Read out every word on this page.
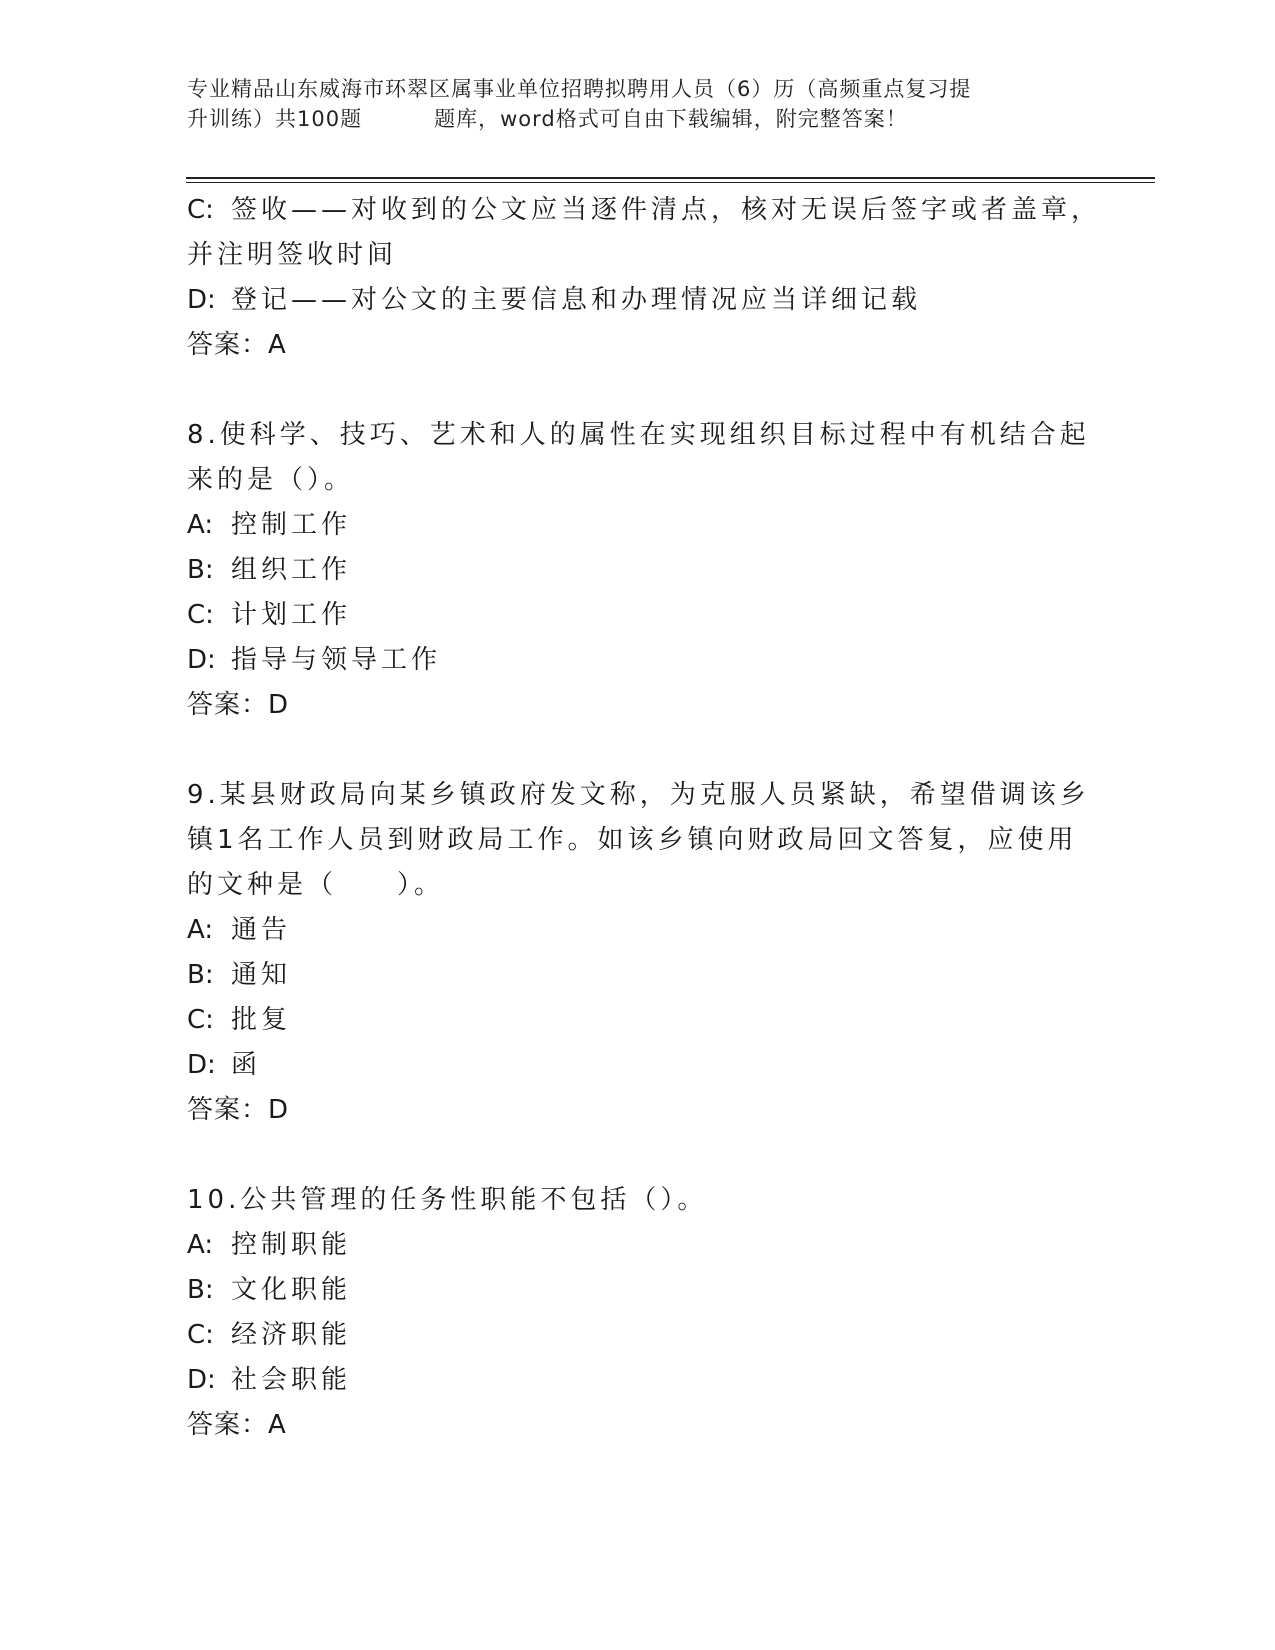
专业精品山东威海市环翠区属事业单位招聘拟聘用人员（6）历（高频重点复习提
升训练）共100题	题库，word格式可自由下载编辑，附完整答案！
C: 签收——对收到的公文应当逐件清点，核对无误后签字或者盖章，
并注明签收时间
D: 登记——对公文的主要信息和办理情况应当详细记载
答案：A
8.使科学、技巧、艺术和人的属性在实现组织目标过程中有机结合起
来的是（）。
A: 控制工作
B: 组织工作
C: 计划工作
D: 指导与领导工作
答案：D
9.某县财政局向某乡镇政府发文称，为克服人员紧缺，希望借调该乡
镇1名工作人员到财政局工作。如该乡镇向财政局回文答复，应使用
的文种是（　　）。
A: 通告
B: 通知
C: 批复
D: 函
答案：D
10.公共管理的任务性职能不包括（）。
A: 控制职能
B: 文化职能
C: 经济职能
D: 社会职能
答案：A
